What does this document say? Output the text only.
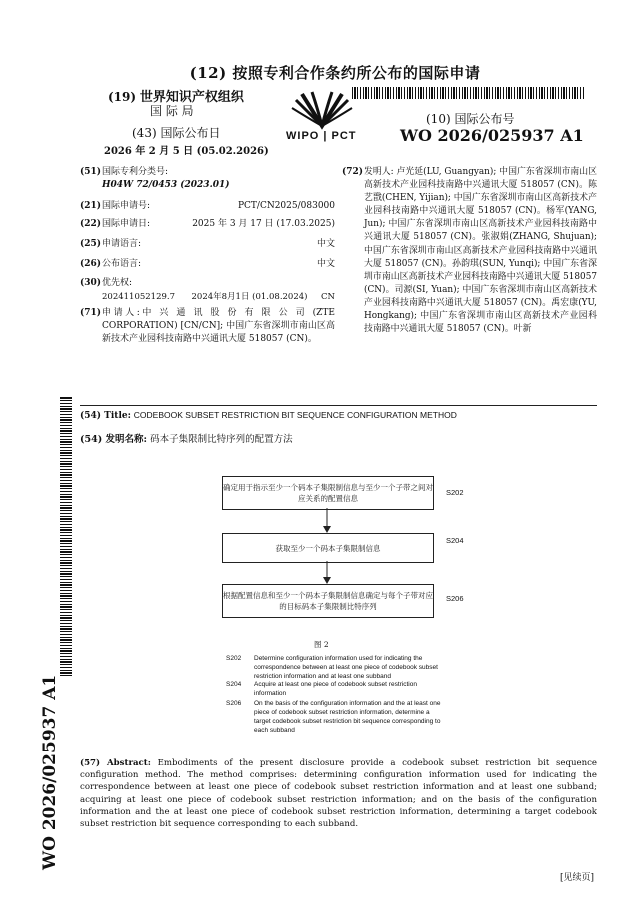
(12) 按照专利合作条约所公布的国际申请
(19) 世界知识产权组织
国 际 局
(43) 国际公布日
2026 年 2 月 5 日 (05.02.2026)
WIPO | PCT
(10) 国际公布号
WO 2026/025937 A1
(51) 国际专利分类号:
H04W 72/0453 (2023.01)
(21) 国际申请号:	PCT/CN2025/083000
(22) 国际申请日:	2025 年 3 月 17 日 (17.03.2025)
(25) 申请语言:	中文
(26) 公布语言:	中文
(30) 优先权:
202411052129.7	2024年8月1日 (01.08.2024)	CN
(71) 申请人:中 兴 通 讯 股 份 有 限 公 司 (ZTE CORPORATION) [CN/CN]; 中国广东省深圳市南山区高新技术产业园科技南路中兴通讯大厦 518057 (CN)。
(72) 发明人: 卢光延(LU, Guangyan); 中国广东省深圳市南山区高新技术产业园科技南路中兴通讯大厦 518057 (CN)。陈艺戬(CHEN, Yijian); 中国广东省深圳市南山区高新技术产业园科技南路中兴通讯大厦 518057 (CN)。杨军(YANG, Jun); 中国广东省深圳市南山区高新技术产业园科技南路中兴通讯大厦 518057 (CN)。张淑娟(ZHANG, Shujuan); 中国广东省深圳市南山区高新技术产业园科技南路中兴通讯大厦 518057 (CN)。孙韵琪(SUN, Yunqi); 中国广东省深圳市南山区高新技术产业园科技南路中兴通讯大厦 518057 (CN)。司源(SI, Yuan); 中国广东省深圳市南山区高新技术产业园科技南路中兴通讯大厦 518057 (CN)。禹宏康(YU, Hongkang); 中国广东省深圳市南山区高新技术产业园科技南路中兴通讯大厦 518057 (CN)。叶新
(54) Title: CODEBOOK SUBSET RESTRICTION BIT SEQUENCE CONFIGURATION METHOD
(54) 发明名称: 码本子集限制比特序列的配置方法
确定用于指示至少一个码本子集限制信息与至少一个子带之间对应关系的配置信息
S202
获取至少一个码本子集限制信息
S204
根据配置信息和至少一个码本子集限制信息确定与每个子带对应的目标码本子集限制比特序列
S206
图 2
S202	Determine configuration information used for indicating the correspondence between at least one piece of codebook subset restriction information and at least one subband
S204	Acquire at least one piece of codebook subset restriction information
S206	On the basis of the configuration information and the at least one piece of codebook subset restriction information, determine a target codebook subset restriction bit sequence corresponding to each subband
(57) Abstract: Embodiments of the present disclosure provide a codebook subset restriction bit sequence configuration method. The method comprises: determining configuration information used for indicating the correspondence between at least one piece of codebook subset restriction information and at least one subband; acquiring at least one piece of codebook subset restriction information; and on the basis of the configuration information and the at least one piece of codebook subset restriction information, determining a target codebook subset restriction bit sequence corresponding to each subband.
WO 2026/025937 A1
[见续页]
